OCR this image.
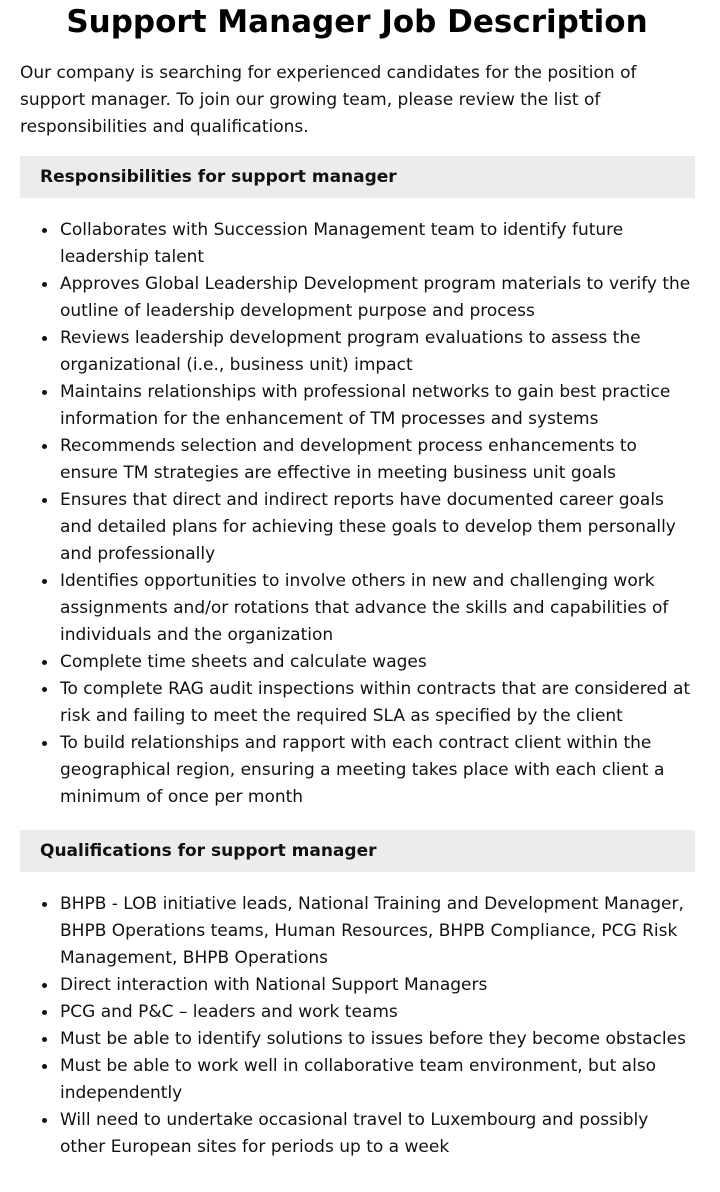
Support Manager Job Description

Our company is searching for experienced candidates for the position of support manager. To join our growing team, please review the list of responsibilities and qualifications.

Responsibilities for support manager
Collaborates with Succession Management team to identify future leadership talent
Approves Global Leadership Development program materials to verify the outline of leadership development purpose and process
Reviews leadership development program evaluations to assess the organizational (i.e., business unit) impact
Maintains relationships with professional networks to gain best practice information for the enhancement of TM processes and systems
Recommends selection and development process enhancements to ensure TM strategies are effective in meeting business unit goals
Ensures that direct and indirect reports have documented career goals and detailed plans for achieving these goals to develop them personally and professionally
Identifies opportunities to involve others in new and challenging work assignments and/or rotations that advance the skills and capabilities of individuals and the organization
Complete time sheets and calculate wages
To complete RAG audit inspections within contracts that are considered at risk and failing to meet the required SLA as specified by the client
To build relationships and rapport with each contract client within the geographical region, ensuring a meeting takes place with each client a minimum of once per month
Qualifications for support manager
BHPB - LOB initiative leads, National Training and Development Manager, BHPB Operations teams, Human Resources, BHPB Compliance, PCG Risk Management, BHPB Operations
Direct interaction with National Support Managers
PCG and P&C – leaders and work teams
Must be able to identify solutions to issues before they become obstacles
Must be able to work well in collaborative team environment, but also independently
Will need to undertake occasional travel to Luxembourg and possibly other European sites for periods up to a week
